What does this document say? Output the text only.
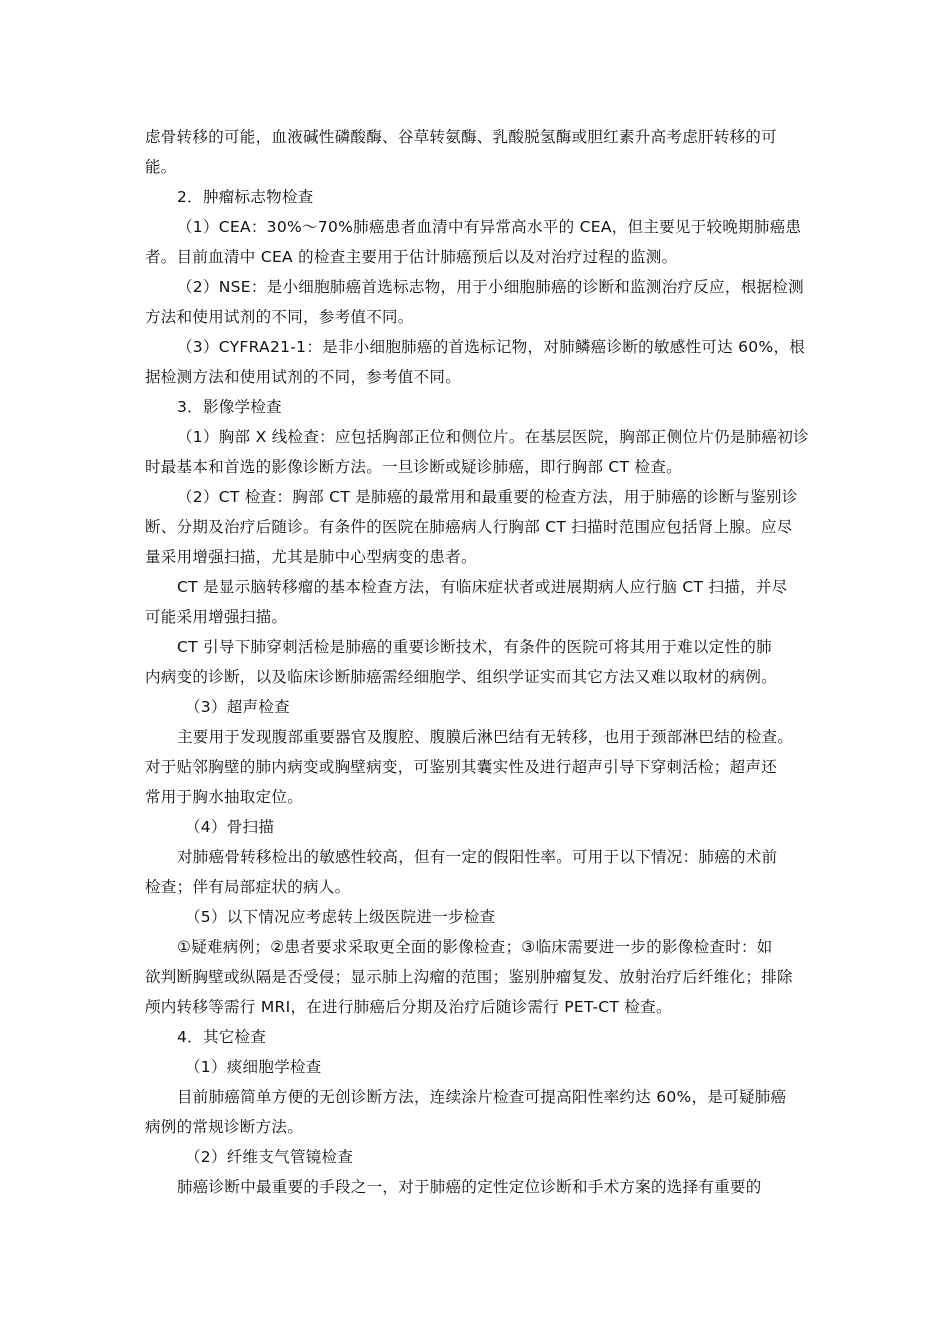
虑骨转移的可能，血液碱性磷酸酶、谷草转氨酶、乳酸脱氢酶或胆红素升高考虑肝转移的可
能。
2．肿瘤标志物检查
（1）CEA：30%～70%肺癌患者血清中有异常高水平的 CEA，但主要见于较晚期肺癌患
者。目前血清中 CEA 的检查主要用于估计肺癌预后以及对治疗过程的监测。
（2）NSE：是小细胞肺癌首选标志物，用于小细胞肺癌的诊断和监测治疗反应，根据检测
方法和使用试剂的不同，参考值不同。
（3）CYFRA21-1：是非小细胞肺癌的首选标记物，对肺鳞癌诊断的敏感性可达 60%，根
据检测方法和使用试剂的不同，参考值不同。
3．影像学检查
（1）胸部 X 线检查：应包括胸部正位和侧位片。在基层医院，胸部正侧位片仍是肺癌初诊
时最基本和首选的影像诊断方法。一旦诊断或疑诊肺癌，即行胸部 CT 检查。
（2）CT 检查：胸部 CT 是肺癌的最常用和最重要的检查方法，用于肺癌的诊断与鉴别诊
断、分期及治疗后随诊。有条件的医院在肺癌病人行胸部 CT 扫描时范围应包括肾上腺。应尽
量采用增强扫描，尤其是肺中心型病变的患者。
CT 是显示脑转移瘤的基本检查方法，有临床症状者或进展期病人应行脑 CT 扫描，并尽
可能采用增强扫描。
CT 引导下肺穿刺活检是肺癌的重要诊断技术，有条件的医院可将其用于难以定性的肺
内病变的诊断，以及临床诊断肺癌需经细胞学、组织学证实而其它方法又难以取材的病例。
（3）超声检查
主要用于发现腹部重要器官及腹腔、腹膜后淋巴结有无转移，也用于颈部淋巴结的检查。
对于贴邻胸壁的肺内病变或胸壁病变，可鉴别其囊实性及进行超声引导下穿刺活检；超声还
常用于胸水抽取定位。
（4）骨扫描
对肺癌骨转移检出的敏感性较高，但有一定的假阳性率。可用于以下情况：肺癌的术前
检查；伴有局部症状的病人。
（5）以下情况应考虑转上级医院进一步检查
①疑难病例；②患者要求采取更全面的影像检查；③临床需要进一步的影像检查时：如
欲判断胸壁或纵隔是否受侵；显示肺上沟瘤的范围；鉴别肿瘤复发、放射治疗后纤维化；排除
颅内转移等需行 MRI，在进行肺癌后分期及治疗后随诊需行 PET-CT 检查。
4．其它检查
（1）痰细胞学检查
目前肺癌简单方便的无创诊断方法，连续涂片检查可提高阳性率约达 60%，是可疑肺癌
病例的常规诊断方法。
（2）纤维支气管镜检查
肺癌诊断中最重要的手段之一，对于肺癌的定性定位诊断和手术方案的选择有重要的
